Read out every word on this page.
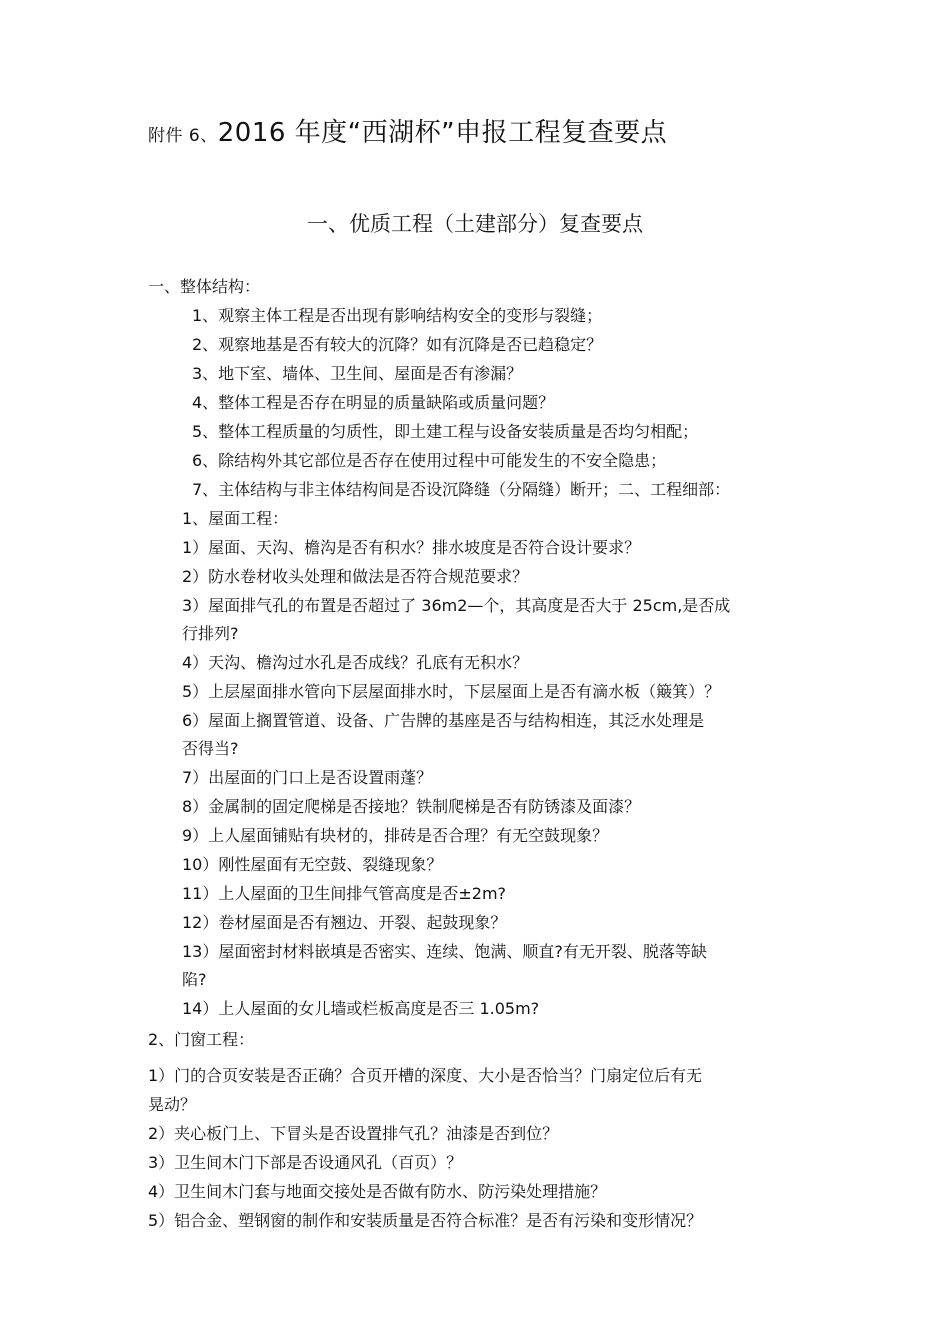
附件 6、2016 年度“西湖杯”申报工程复查要点
一、优质工程（土建部分）复查要点
一、整体结构：
1、观察主体工程是否出现有影响结构安全的变形与裂缝；
2、观察地基是否有较大的沉降？如有沉降是否已趋稳定？
3、地下室、墙体、卫生间、屋面是否有渗漏？
4、整体工程是否存在明显的质量缺陷或质量问题？
5、整体工程质量的匀质性，即土建工程与设备安装质量是否均匀相配；
6、除结构外其它部位是否存在使用过程中可能发生的不安全隐患；
7、主体结构与非主体结构间是否设沉降缝（分隔缝）断开；二、工程细部：
1、屋面工程：
1）屋面、天沟、檐沟是否有积水？排水坡度是否符合设计要求？
2）防水卷材收头处理和做法是否符合规范要求？
3）屋面排气孔的布置是否超过了 36m2—个，其高度是否大于 25cm,是否成
行排列?
4）天沟、檐沟过水孔是否成线？孔底有无积水？
5）上层屋面排水管向下层屋面排水时，下层屋面上是否有滴水板（簸箕）？
6）屋面上搁置管道、设备、广告牌的基座是否与结构相连，其泛水处理是
否得当?
7）出屋面的门口上是否设置雨蓬？
8）金属制的固定爬梯是否接地？铁制爬梯是否有防锈漆及面漆？
9）上人屋面铺贴有块材的，排砖是否合理？有无空鼓现象？
10）刚性屋面有无空鼓、裂缝现象？
11）上人屋面的卫生间排气管高度是否±2m?
12）卷材屋面是否有翘边、开裂、起鼓现象？
13）屋面密封材料嵌填是否密实、连续、饱满、顺直?有无开裂、脱落等缺
陷?
14）上人屋面的女儿墙或栏板高度是否三 1.05m?
2、门窗工程：
1）门的合页安装是否正确？合页开槽的深度、大小是否恰当？门扇定位后有无
晃动？
2）夹心板门上、下冒头是否设置排气孔？油漆是否到位？
3）卫生间木门下部是否设通风孔（百页）？
4）卫生间木门套与地面交接处是否做有防水、防污染处理措施？
5）铝合金、塑钢窗的制作和安装质量是否符合标准？是否有污染和变形情况？
